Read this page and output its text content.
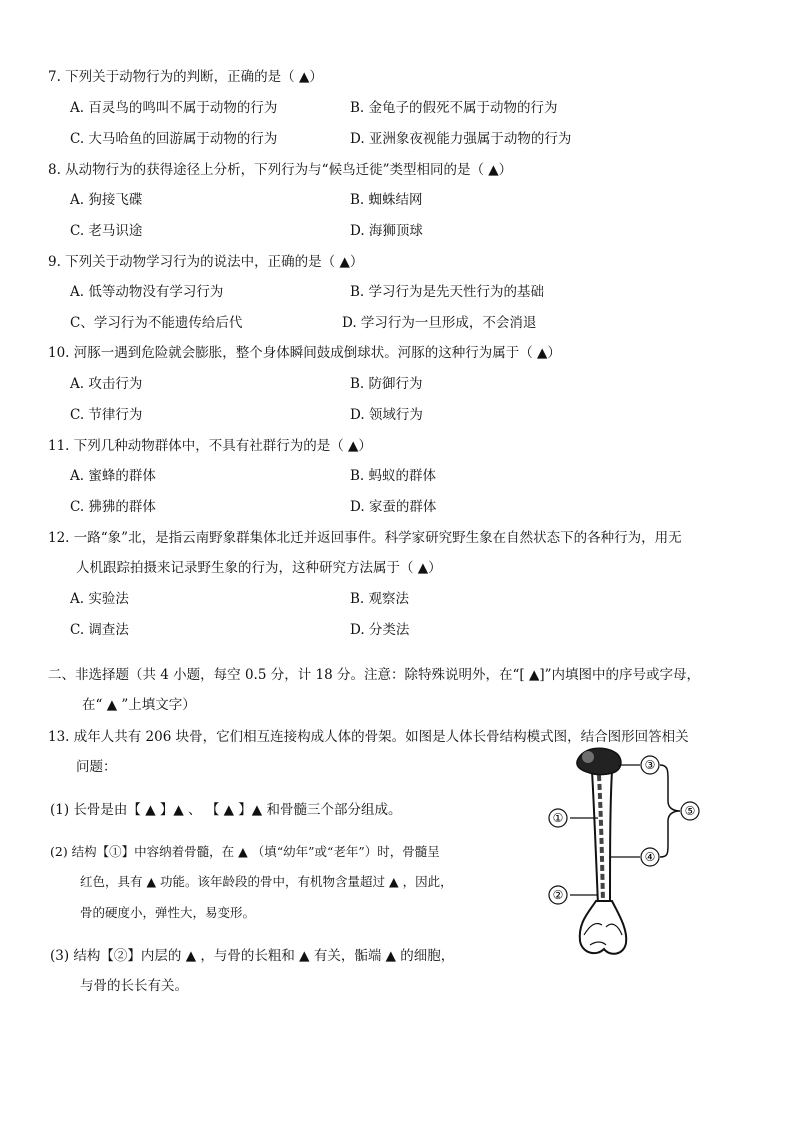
7. 下列关于动物行为的判断，正确的是（ ▲）
A. 百灵鸟的鸣叫不属于动物的行为	B. 金龟子的假死不属于动物的行为
C. 大马哈鱼的回游属于动物的行为	D. 亚洲象夜视能力强属于动物的行为
8. 从动物行为的获得途径上分析，下列行为与“候鸟迁徙”类型相同的是（ ▲）
A. 狗接飞碟	B. 蜘蛛结网
C. 老马识途	D. 海狮顶球
9. 下列关于动物学习行为的说法中，正确的是（ ▲）
A. 低等动物没有学习行为	B. 学习行为是先天性行为的基础
C、学习行为不能遗传给后代	D. 学习行为一旦形成，不会消退
10. 河豚一遇到危险就会膨胀，整个身体瞬间鼓成倒球状。河豚的这种行为属于（ ▲）
A. 攻击行为	B. 防御行为
C. 节律行为	D. 领域行为
11. 下列几种动物群体中，不具有社群行为的是（ ▲）
A. 蜜蜂的群体	B. 蚂蚁的群体
C. 狒狒的群体	D. 家蚕的群体
12. 一路“象”北，是指云南野象群集体北迁并返回事件。科学家研究野生象在自然状态下的各种行为，用无
人机跟踪拍摄来记录野生象的行为，这种研究方法属于（ ▲）
A. 实验法	B. 观察法
C. 调查法	D. 分类法
二、非选择题（共 4 小题，每空 0.5 分，计 18 分。注意：除特殊说明外，在“[ ▲]”内填图中的序号或字母，
在“ ▲ ”上填文字）
13. 成年人共有 206 块骨，它们相互连接构成人体的骨架。如图是人体长骨结构模式图，结合图形回答相关
问题：
(1) 长骨是由【 ▲ 】▲ 、 【 ▲ 】▲ 和骨髓三个部分组成。
(2) 结构【①】中容纳着骨髓，在 ▲ （填“幼年”或“老年”）时，骨髓呈
红色，具有 ▲ 功能。该年龄段的骨中，有机物含量超过 ▲ ，因此，
骨的硬度小，弹性大，易变形。
(3) 结构【②】内层的 ▲ ，与骨的长粗和 ▲ 有关，骺端 ▲ 的细胞，
与骨的长长有关。
③
①	⑤
④
②
